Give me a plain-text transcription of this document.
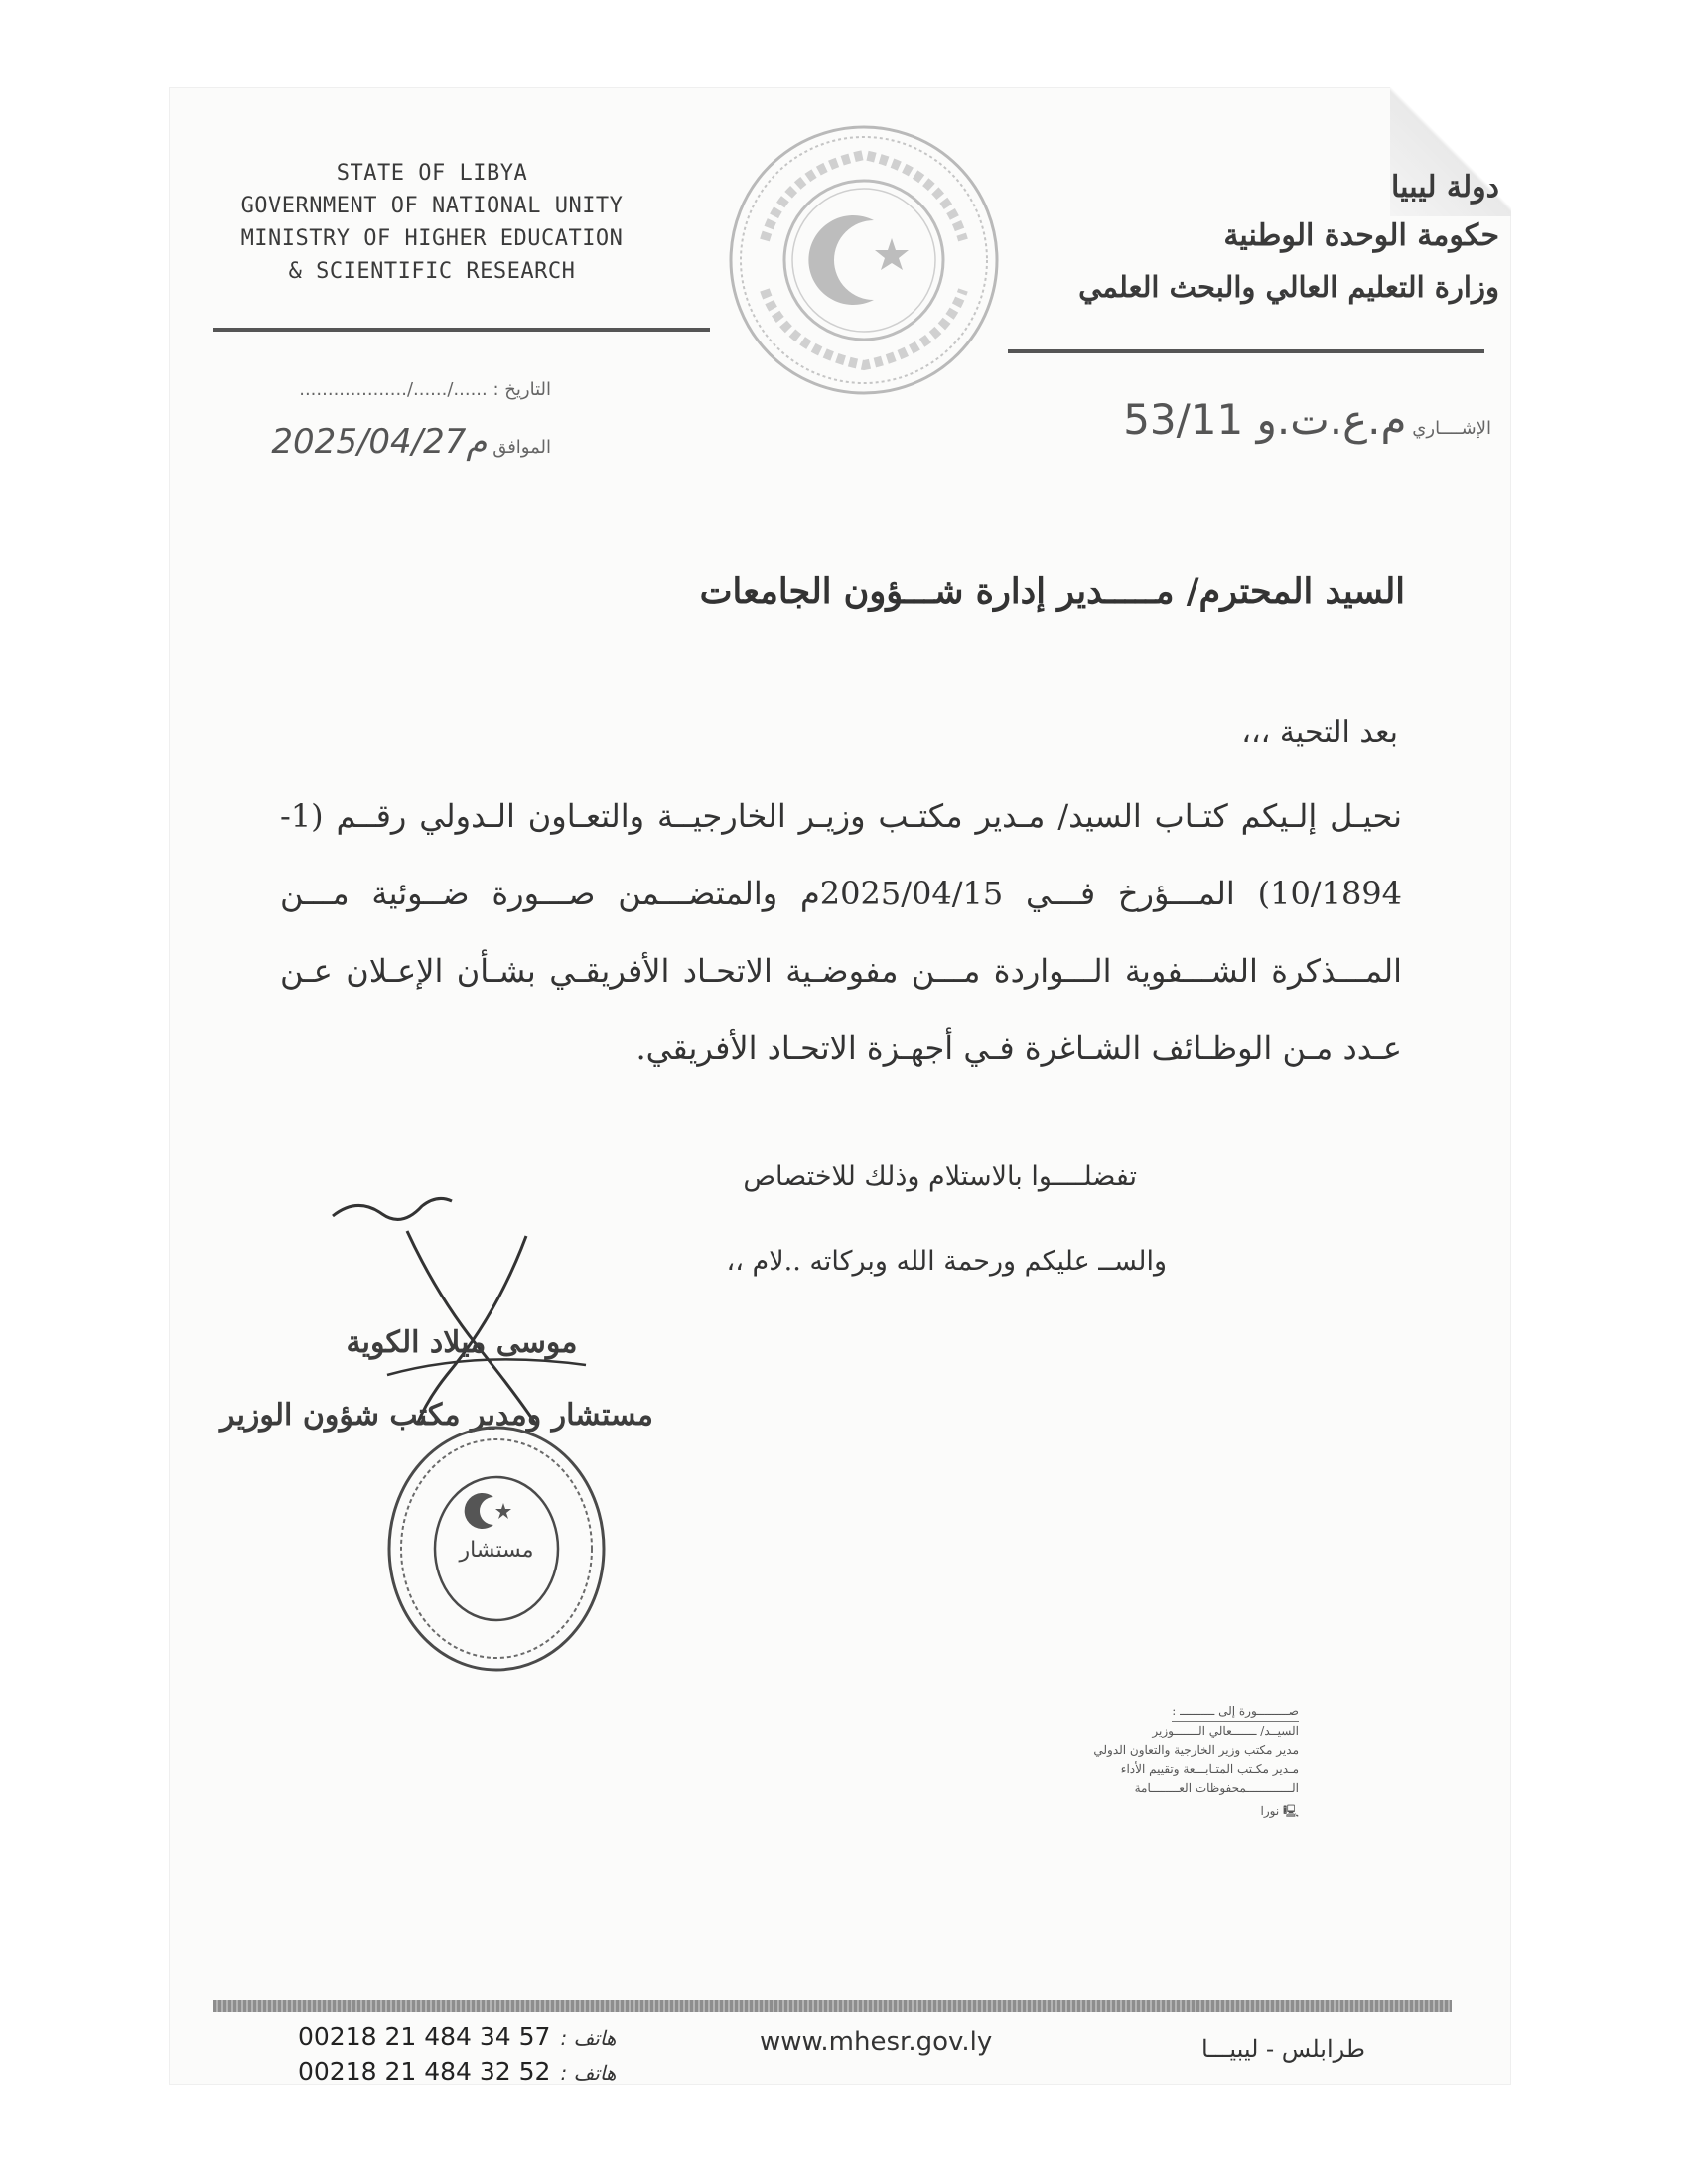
STATE OF LIBYA
GOVERNMENT OF NATIONAL UNITY
MINISTRY OF HIGHER EDUCATION
& SCIENTIFIC RESEARCH
دولة ليبيا
حكومة الوحدة الوطنية
وزارة التعليم العالي والبحث العلمي
الإشــــاري م.ع.ت.و 53/11
التاريخ : ....../....../...................
الموافق 2025/04/27م
السيد المحترم/ مـــــدير إدارة شـــؤون الجامعات
بعد التحية ،،،
نحيـل إلـيكم كتـاب السيد/ مـدير مكتـب وزيـر الخارجيــة والتعـاون الـدولي رقــم (1-10/1894) المـــؤرخ فـــي 2025/04/15م والمتضـــمن صـــورة ضــوئية مـــن المـــذكرة الشـــفوية الـــواردة مـــن مفوضـية الاتحـاد الأفريقـي بشـأن الإعـلان عـن عـدد مـن الوظـائف الشـاغرة فـي أجهـزة الاتحـاد الأفريقي.
تفضلــــوا بالاستلام وذلك للاختصاص
والســ عليكم ورحمة الله وبركاته ..لام ،،
موسى ميلاد الكوية
مستشار ومدير مكتب شؤون الوزير
مستشار
صـــــــــورة إلى ــــــــــ :
السيــد/ ـــــــعالي الـــــــوزير
مدير مكتب وزير الخارجية والتعاون الدولي
مـدير مكـتب المتـابـــعة وتقييم الأداء
الـــــــــــــمحفوظات العــــــــامة
🖳 نورا
00218 21 484 34 57 هاتف :
00218 21 484 32 52 هاتف :
www.mhesr.gov.ly	طرابلس - ليبيـــا
